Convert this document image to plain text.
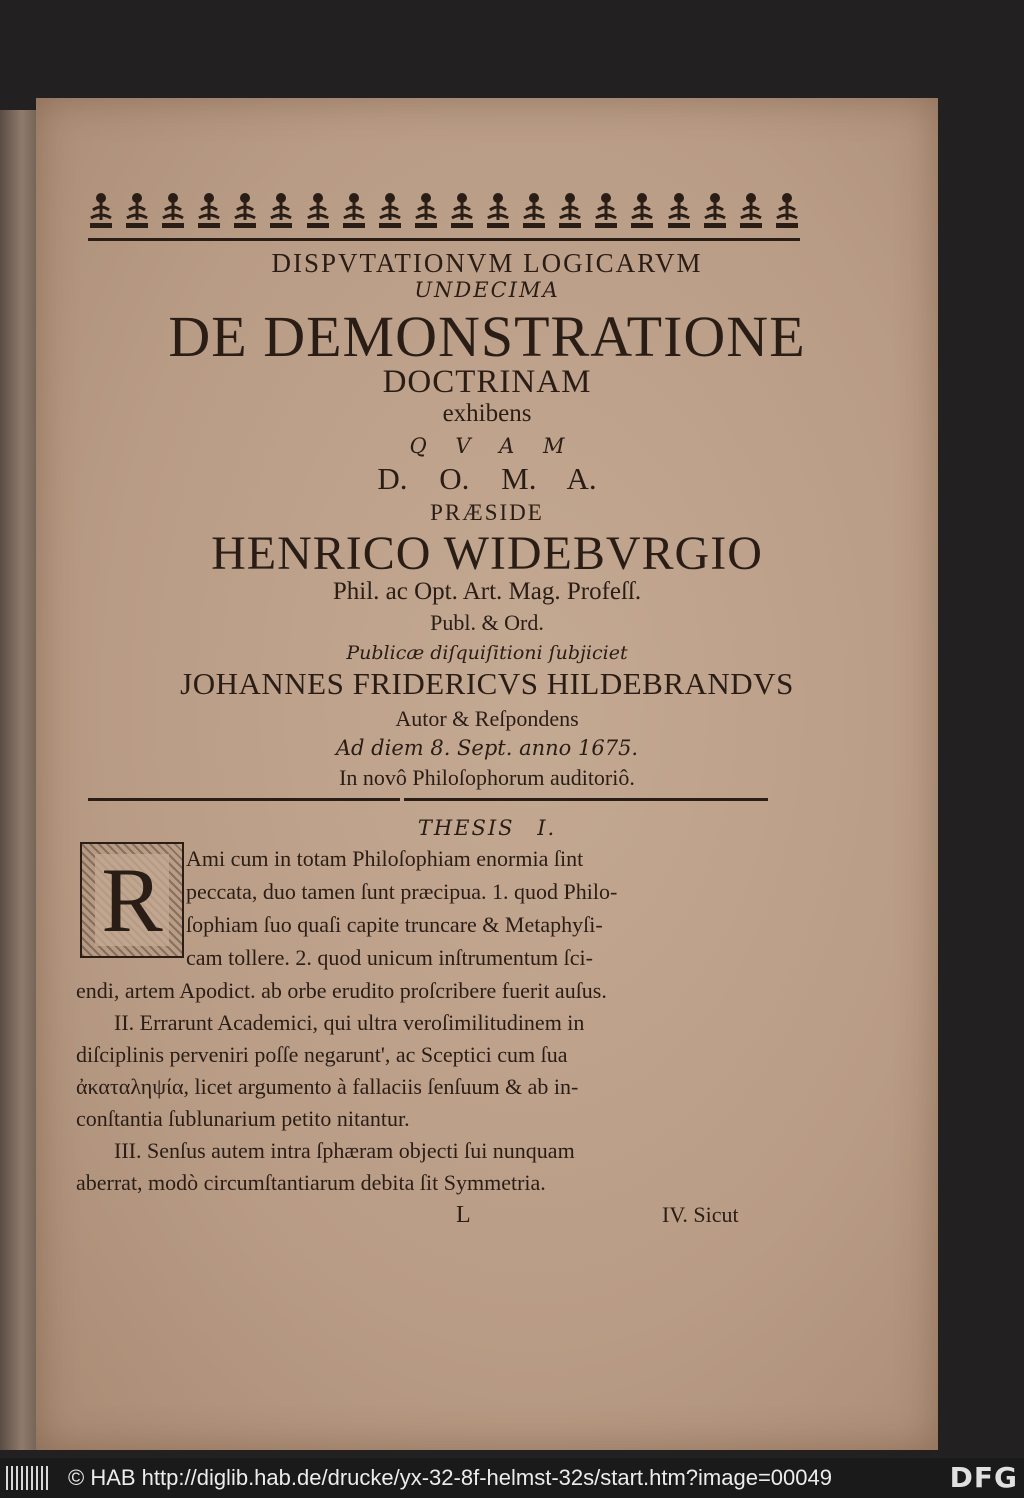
DISPVTATIONVM LOGICARVM
UNDECIMA
DE DEMONSTRATIONE
DOCTRINAM
exhibens
Q V A M
D. O. M. A.
PRÆSIDE
HENRICO WIDEBVRGIO
Phil. ac Opt. Art. Mag. Profeſſ.
Publ. & Ord.
Publicæ diſquiſitioni ſubjiciet
JOHANNES FRIDERICVS HILDEBRANDVS
Autor & Reſpondens
Ad diem 8. Sept. anno 1675.
In novô Philoſophorum auditoriô.
THESIS I.
R Ami cum in totam Philoſophiam enormia ſint
peccata, duo tamen ſunt præcipua. 1. quod Philo-
ſophiam ſuo quaſi capite truncare & Metaphyſi-
cam tollere. 2. quod unicum inſtrumentum ſci-
endi, artem Apodict. ab orbe erudito proſcribere fuerit auſus.
II. Errarunt Academici, qui ultra veroſimilitudinem in
diſciplinis perveniri poſſe negarunt', ac Sceptici cum ſua
ἀκαταληψία, licet argumento à fallaciis ſenſuum & ab in-
conſtantia ſublunarium petito nitantur.
III. Senſus autem intra ſphæram objecti ſui nunquam
aberrat, modò circumſtantiarum debita ſit Symmetria.
L	IV. Sicut
© HAB http://diglib.hab.de/drucke/yx-32-8f-helmst-32s/start.htm?image=00049	DFG
